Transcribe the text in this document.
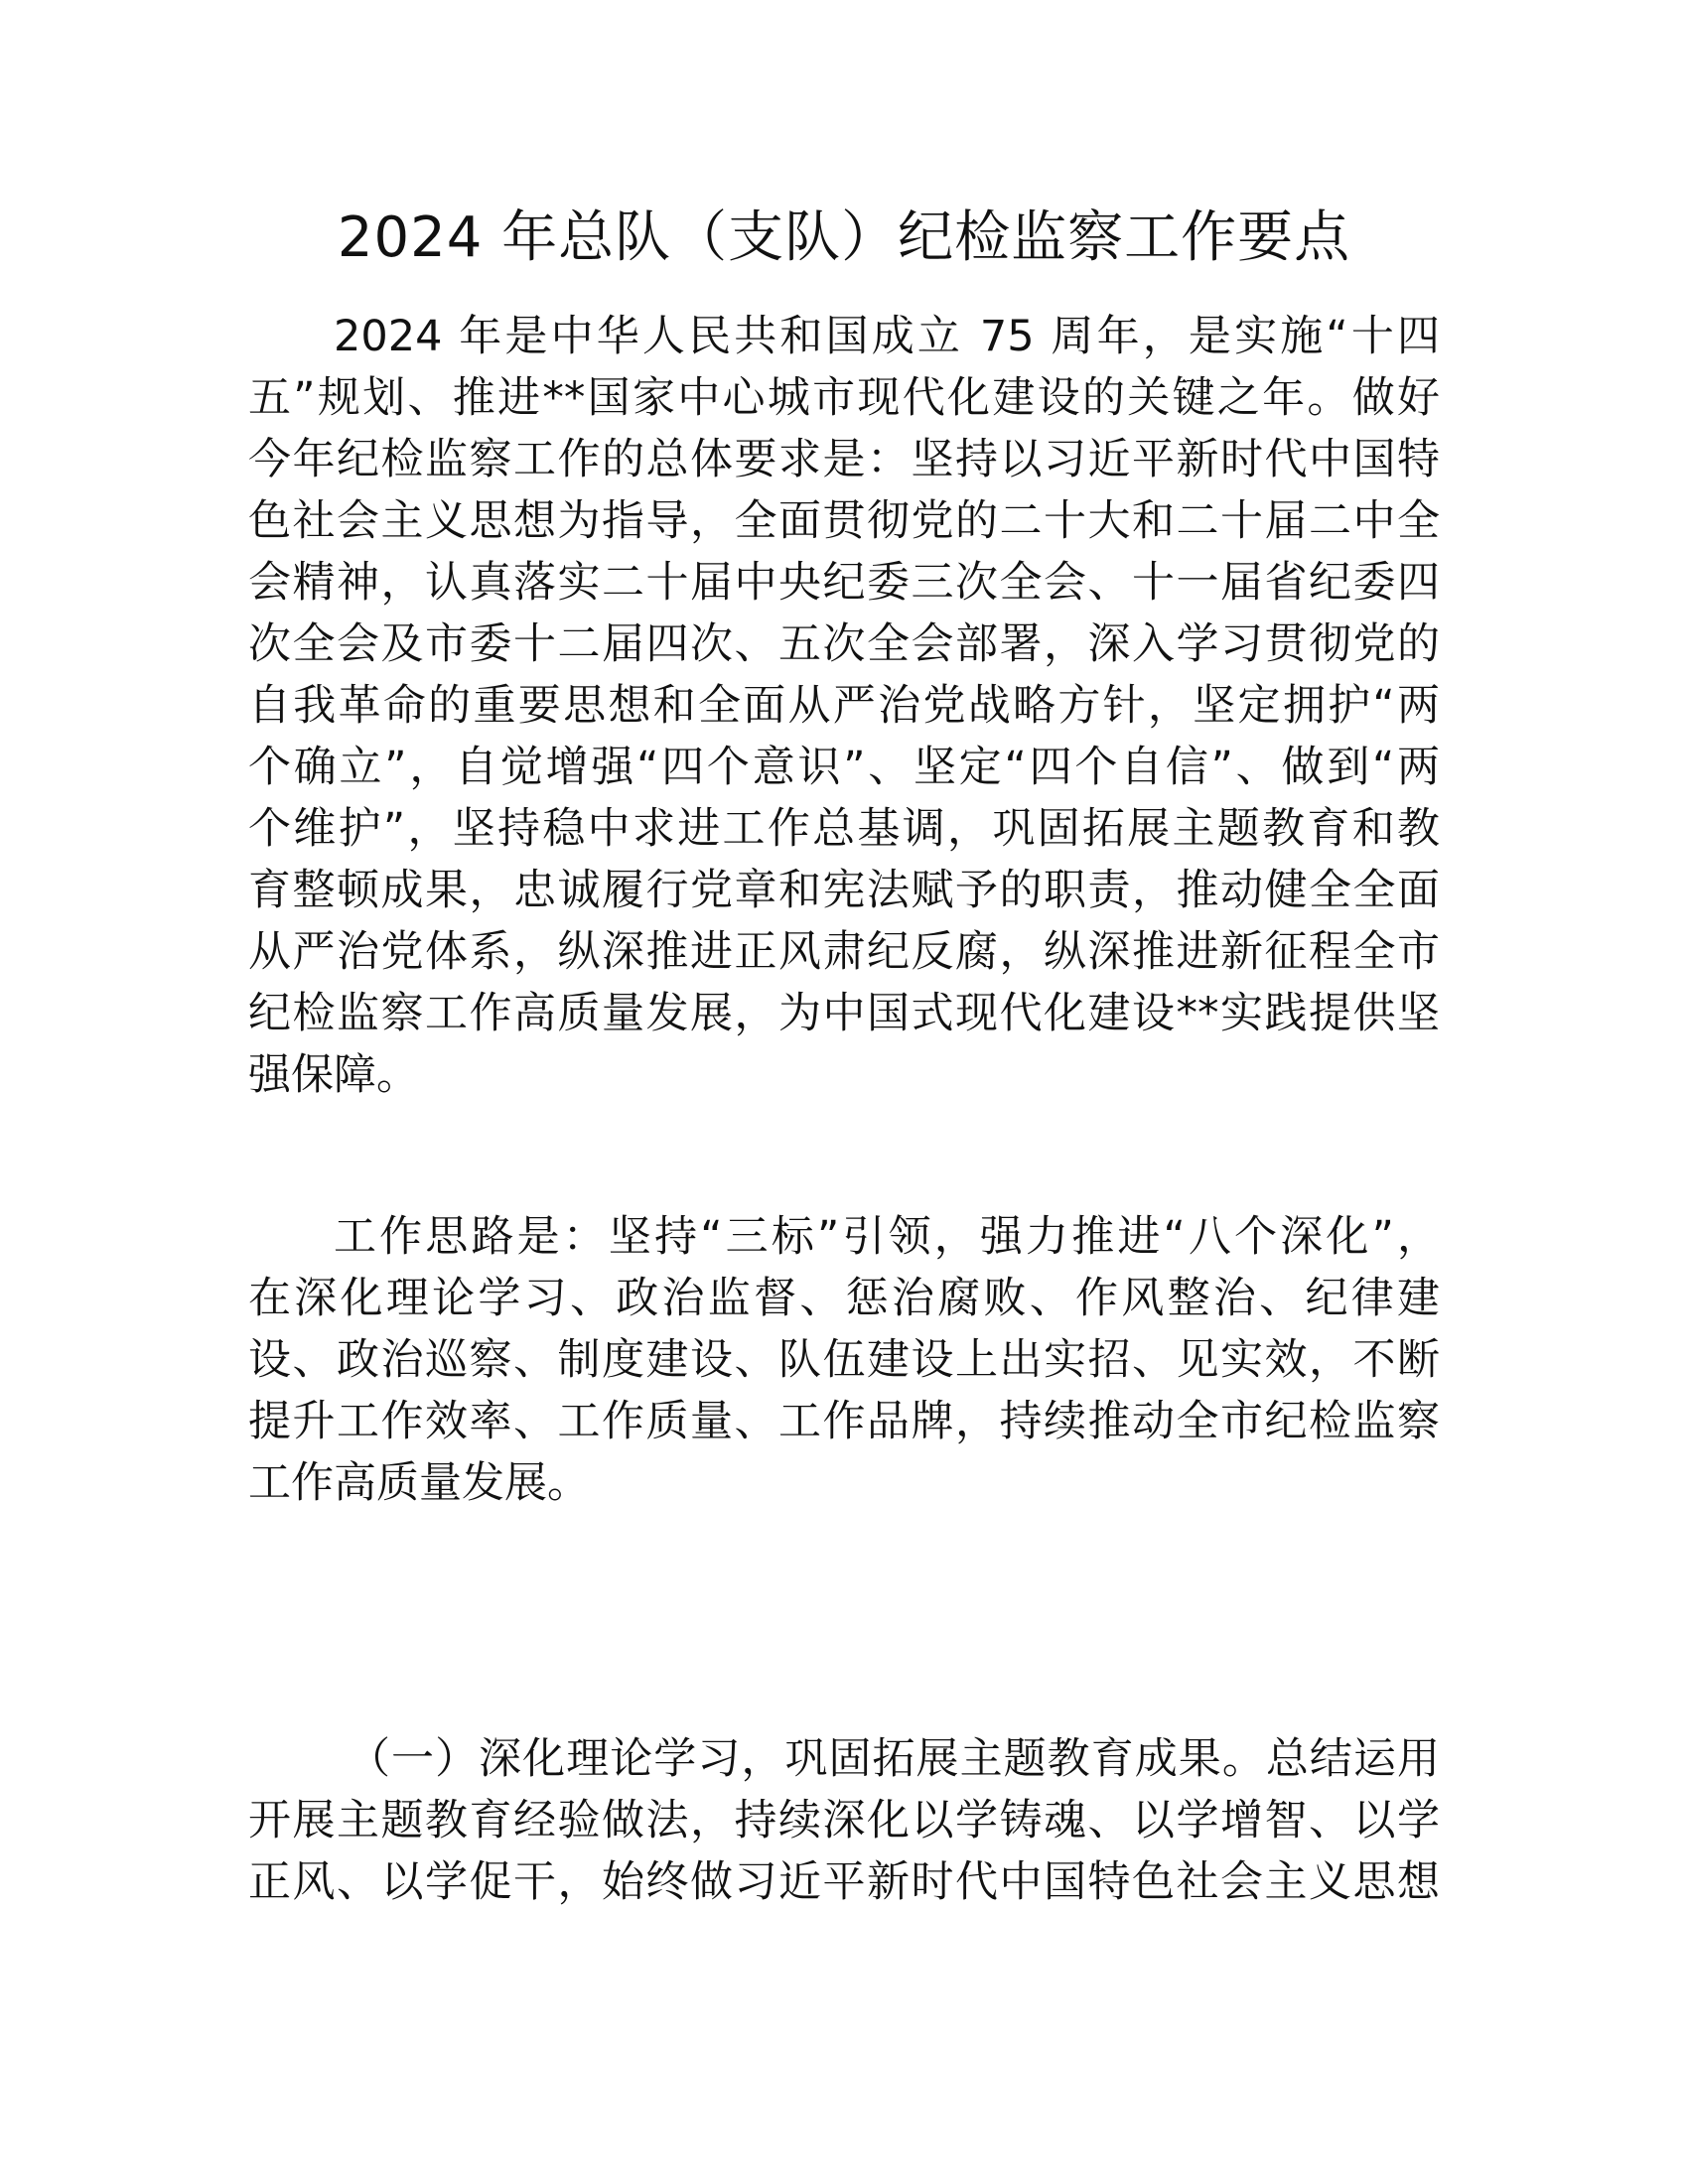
2024 年总队（支队）纪检监察工作要点
2024 年是中华人民共和国成立 75 周年，是实施“十四
五”规划、推进**国家中心城市现代化建设的关键之年。做好
今年纪检监察工作的总体要求是：坚持以习近平新时代中国特
色社会主义思想为指导，全面贯彻党的二十大和二十届二中全
会精神，认真落实二十届中央纪委三次全会、十一届省纪委四
次全会及市委十二届四次、五次全会部署，深入学习贯彻党的
自我革命的重要思想和全面从严治党战略方针，坚定拥护“两
个确立”，自觉增强“四个意识”、坚定“四个自信”、做到“两
个维护”，坚持稳中求进工作总基调，巩固拓展主题教育和教
育整顿成果，忠诚履行党章和宪法赋予的职责，推动健全全面
从严治党体系，纵深推进正风肃纪反腐，纵深推进新征程全市
纪检监察工作高质量发展，为中国式现代化建设**实践提供坚
强保障。
工作思路是：坚持“三标”引领，强力推进“八个深化”，
在深化理论学习、政治监督、惩治腐败、作风整治、纪律建
设、政治巡察、制度建设、队伍建设上出实招、见实效，不断
提升工作效率、工作质量、工作品牌，持续推动全市纪检监察
工作高质量发展。
（一）深化理论学习，巩固拓展主题教育成果。总结运用
开展主题教育经验做法，持续深化以学铸魂、以学增智、以学
正风、以学促干，始终做习近平新时代中国特色社会主义思想
